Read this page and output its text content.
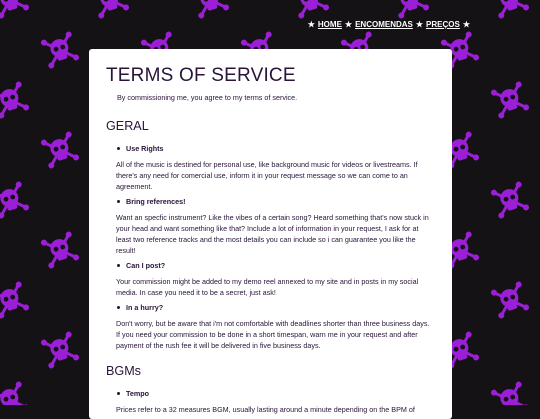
★ HOME ★ ENCOMENDAS ★ PREÇOS ★
TERMS OF SERVICE

By commissioning me, you agree to my terms of service.

GERAL
Use Rights

All of the music is destined for personal use, like background music for videos or livestreams. If there's any need for comercial use, inform it in your request message so we can come to an agreement.

Bring references!

Want an specfic instrument? Like the vibes of a certain song? Heard something that's now stuck in your head and want something like that? Include a lot of information in your request, I ask for at least two reference tracks and the most details you can include so i can guarantee you like the result!

Can I post?

Your commission might be added to my demo reel annexed to my site and in posts in my social media. In case you need it to be a secret, just ask!

In a hurry?

Don't worry, but be aware that i'm not comfortable with deadlines shorter than three business days. If you need your commission to be done in a short timespan, warn me in your request and after payment of the rush fee it will be delivered in five business days.

BGMs
Tempo

Prices refer to a 32 measures BGM, usually lasting around a minute depending on the BPM of
